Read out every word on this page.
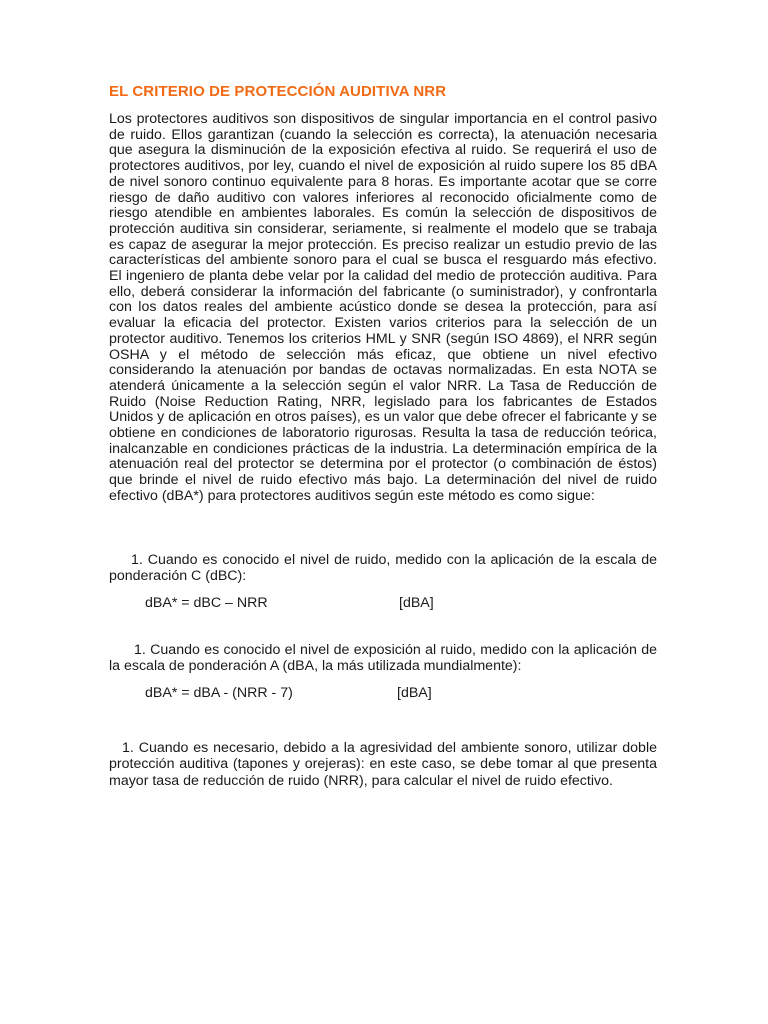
EL CRITERIO DE PROTECCIÓN AUDITIVA NRR

Los protectores auditivos son dispositivos de singular importancia en el control pasivo de ruido. Ellos garantizan (cuando la selección es correcta), la atenuación necesaria que asegura la disminución de la exposición efectiva al ruido. Se requerirá el uso de protectores auditivos, por ley, cuando el nivel de exposición al ruido supere los 85 dBA de nivel sonoro continuo equivalente para 8 horas. Es importante acotar que se corre riesgo de daño auditivo con valores inferiores al reconocido oficialmente como de riesgo atendible en ambientes laborales. Es común la selección de dispositivos de protección auditiva sin considerar, seriamente, si realmente el modelo que se trabaja es capaz de asegurar la mejor protección. Es preciso realizar un estudio previo de las características del ambiente sonoro para el cual se busca el resguardo más efectivo. El ingeniero de planta debe velar por la calidad del medio de protección auditiva. Para ello, deberá considerar la información del fabricante (o suministrador), y confrontarla con los datos reales del ambiente acústico donde se desea la protección, para así evaluar la eficacia del protector. Existen varios criterios para la selección de un protector auditivo. Tenemos los criterios HML y SNR (según ISO 4869), el NRR según OSHA y el método de selección más eficaz, que obtiene un nivel efectivo considerando la atenuación por bandas de octavas normalizadas. En esta NOTA se atenderá únicamente a la selección según el valor NRR. La Tasa de Reducción de Ruido (Noise Reduction Rating, NRR, legislado para los fabricantes de Estados Unidos y de aplicación en otros países), es un valor que debe ofrecer el fabricante y se obtiene en condiciones de laboratorio rigurosas. Resulta la tasa de reducción teórica, inalcanzable en condiciones prácticas de la industria. La determinación empírica de la atenuación real del protector se determina por el protector (o combinación de éstos) que brinde el nivel de ruido efectivo más bajo. La determinación del nivel de ruido efectivo (dBA*) para protectores auditivos según este método es como sigue:

1. Cuando es conocido el nivel de ruido, medido con la aplicación de la escala de ponderación C (dBC):

dBA* = dBC – NRR	[dBA]

1. Cuando es conocido el nivel de exposición al ruido, medido con la aplicación de la escala de ponderación A (dBA, la más utilizada mundialmente):

dBA* = dBA - (NRR - 7)	[dBA]

1. Cuando es necesario, debido a la agresividad del ambiente sonoro, utilizar doble protección auditiva (tapones y orejeras): en este caso, se debe tomar al que presenta mayor tasa de reducción de ruido (NRR), para calcular el nivel de ruido efectivo.
